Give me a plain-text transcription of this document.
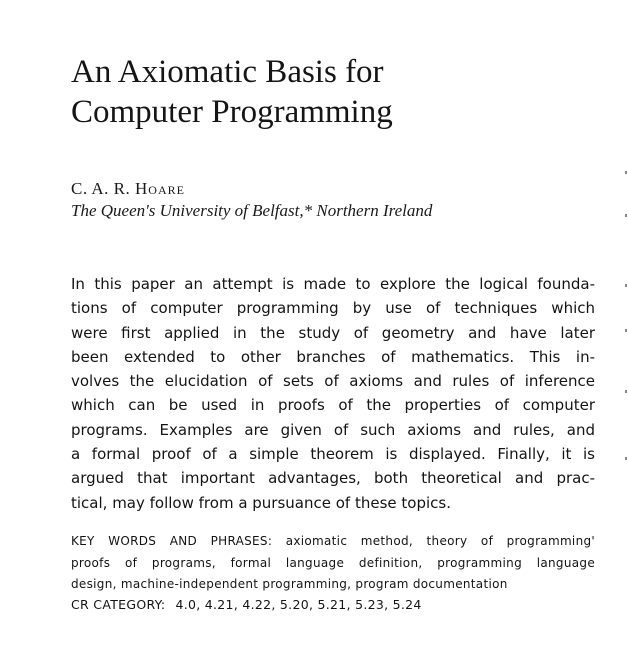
An Axiomatic Basis for
Computer Programming
C. A. R. Hoare
The Queen's University of Belfast,* Northern Ireland
In this paper an attempt is made to explore the logical founda-
tions of computer programming by use of techniques which
were first applied in the study of geometry and have later
been extended to other branches of mathematics. This in-
volves the elucidation of sets of axioms and rules of inference
which can be used in proofs of the properties of computer
programs. Examples are given of such axioms and rules, and
a formal proof of a simple theorem is displayed. Finally, it is
argued that important advantages, both theoretical and prac-
tical, may follow from a pursuance of these topics.
KEY WORDS AND PHRASES: axiomatic method, theory of programming'
proofs of programs, formal language definition, programming language
design, machine-independent programming, program documentation
CR CATEGORY: 4.0, 4.21, 4.22, 5.20, 5.21, 5.23, 5.24
